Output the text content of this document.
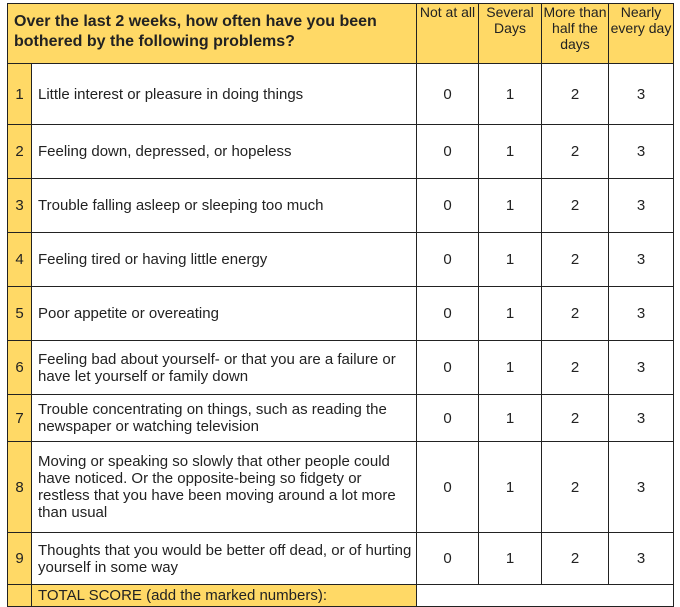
Over the last 2 weeks, how often have you been bothered by the following problems?		Not at all	Several Days	More than half the days	Nearly every day
1	Little interest or pleasure in doing things	0	1	2	3
2	Feeling down, depressed, or hopeless	0	1	2	3
3	Trouble falling asleep or sleeping too much	0	1	2	3
4	Feeling tired or having little energy	0	1	2	3
5	Poor appetite or overeating	0	1	2	3
6	Feeling bad about yourself- or that you are a failure or have let yourself or family down	0	1	2	3
7	Trouble concentrating on things, such as reading the newspaper or watching television	0	1	2	3
8	Moving or speaking so slowly that other people could have noticed. Or the opposite-being so fidgety or restless that you have been moving around a lot more than usual	0	1	2	3
9	Thoughts that you would be better off dead, or of hurting yourself in some way	0	1	2	3
	TOTAL SCORE (add the marked numbers):				
